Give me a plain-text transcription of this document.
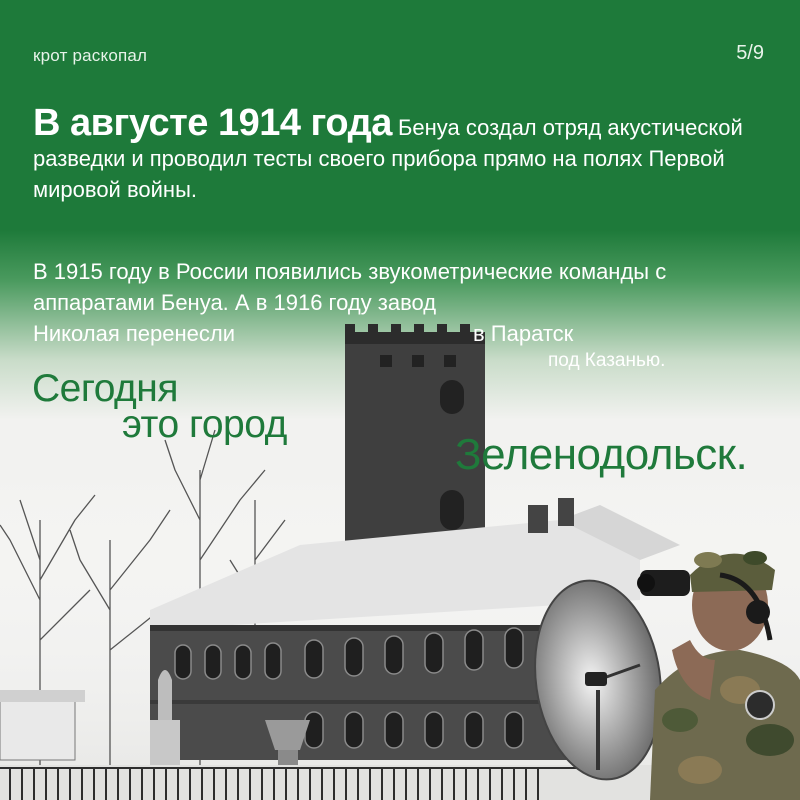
крот раскопал	5/9

В августе 1914 года Бенуа создал отряд акустической разведки и проводил тесты своего прибора прямо на полях Первой мировой войны.

В 1915 году в России появились звукометрические команды с аппаратами Бенуа. А в 1916 году завод
Николая перенесли	в Паратск

под Казанью.

Сегодня
это город
Зеленодольск.
